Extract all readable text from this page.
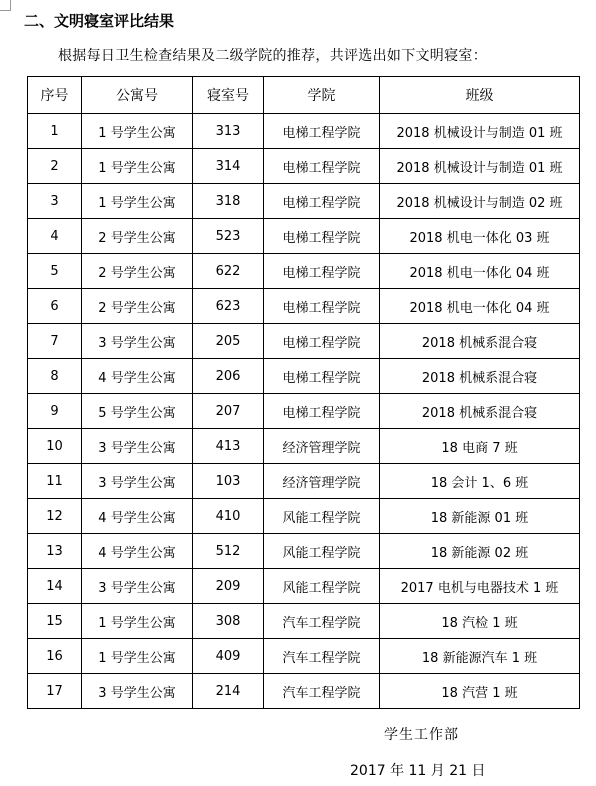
二、文明寝室评比结果

根据每日卫生检查结果及二级学院的推荐，共评选出如下文明寝室：

序号	公寓号	寝室号	学院	班级
1	1 号学生公寓	313	电梯工程学院	2018 机械设计与制造 01 班
2	1 号学生公寓	314	电梯工程学院	2018 机械设计与制造 01 班
3	1 号学生公寓	318	电梯工程学院	2018 机械设计与制造 02 班
4	2 号学生公寓	523	电梯工程学院	2018 机电一体化 03 班
5	2 号学生公寓	622	电梯工程学院	2018 机电一体化 04 班
6	2 号学生公寓	623	电梯工程学院	2018 机电一体化 04 班
7	3 号学生公寓	205	电梯工程学院	2018 机械系混合寝
8	4 号学生公寓	206	电梯工程学院	2018 机械系混合寝
9	5 号学生公寓	207	电梯工程学院	2018 机械系混合寝
10	3 号学生公寓	413	经济管理学院	18 电商 7 班
11	3 号学生公寓	103	经济管理学院	18 会计 1、6 班
12	4 号学生公寓	410	风能工程学院	18 新能源 01 班
13	4 号学生公寓	512	风能工程学院	18 新能源 02 班
14	3 号学生公寓	209	风能工程学院	2017 电机与电器技术 1 班
15	1 号学生公寓	308	汽车工程学院	18 汽检 1 班
16	1 号学生公寓	409	汽车工程学院	18 新能源汽车 1 班
17	3 号学生公寓	214	汽车工程学院	18 汽营 1 班

学生工作部

2017 年 11 月 21 日
